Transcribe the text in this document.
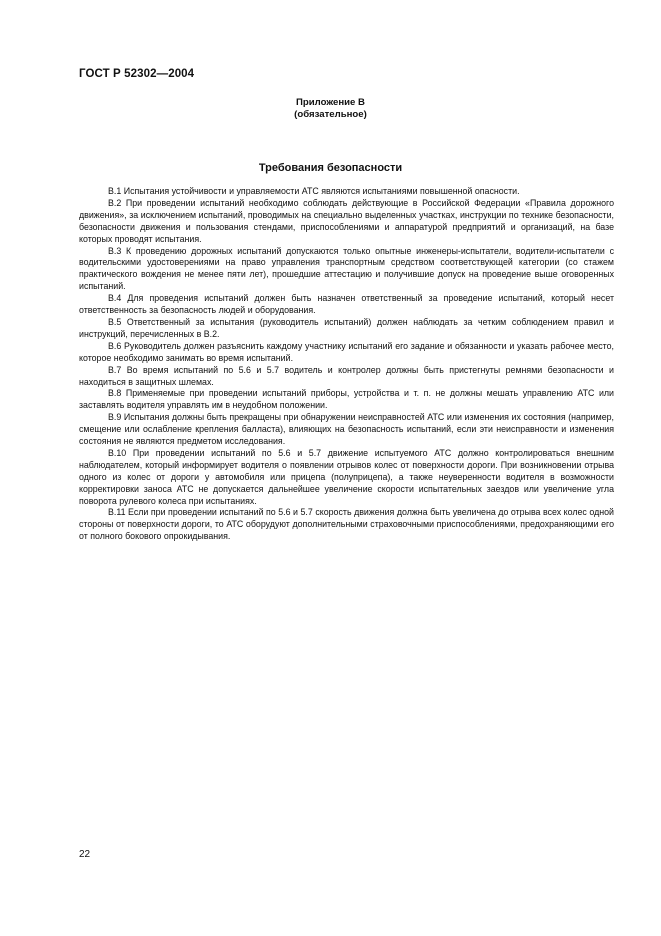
ГОСТ Р 52302—2004
Приложение В
(обязательное)
Требования безопасности

В.1 Испытания устойчивости и управляемости АТС являются испытаниями повышенной опасности.

В.2 При проведении испытаний необходимо соблюдать действующие в Российской Федерации «Правила дорожного движения», за исключением испытаний, проводимых на специально выделенных участках, инструкции по технике безопасности, безопасности движения и пользования стендами, приспособлениями и аппаратурой предприятий и организаций, на базе которых проводят испытания.

В.3 К проведению дорожных испытаний допускаются только опытные инженеры-испытатели, водители-испытатели с водительскими удостоверениями на право управления транспортным средством соответствующей категории (со стажем практического вождения не менее пяти лет), прошедшие аттестацию и получившие допуск на проведение выше оговоренных испытаний.

В.4 Для проведения испытаний должен быть назначен ответственный за проведение испытаний, который несет ответственность за безопасность людей и оборудования.

В.5 Ответственный за испытания (руководитель испытаний) должен наблюдать за четким соблюдением правил и инструкций, перечисленных в В.2.

В.6 Руководитель должен разъяснить каждому участнику испытаний его задание и обязанности и указать рабочее место, которое необходимо занимать во время испытаний.

В.7 Во время испытаний по 5.6 и 5.7 водитель и контролер должны быть пристегнуты ремнями безопасности и находиться в защитных шлемах.

В.8 Применяемые при проведении испытаний приборы, устройства и т. п. не должны мешать управлению АТС или заставлять водителя управлять им в неудобном положении.

В.9 Испытания должны быть прекращены при обнаружении неисправностей АТС или изменения их состояния (например, смещение или ослабление крепления балласта), влияющих на безопасность испытаний, если эти неисправности и изменения состояния не являются предметом исследования.

В.10 При проведении испытаний по 5.6 и 5.7 движение испытуемого АТС должно контролироваться внешним наблюдателем, который информирует водителя о появлении отрывов колес от поверхности дороги. При возникновении отрыва одного из колес от дороги у автомобиля или прицепа (полуприцепа), а также неуверенности водителя в возможности корректировки заноса АТС не допускается дальнейшее увеличение скорости испытательных заездов или увеличение угла поворота рулевого колеса при испытаниях.

В.11 Если при проведении испытаний по 5.6 и 5.7 скорость движения должна быть увеличена до отрыва всех колес одной стороны от поверхности дороги, то АТС оборудуют дополнительными страховочными приспособлениями, предохраняющими его от полного бокового опрокидывания.

22
